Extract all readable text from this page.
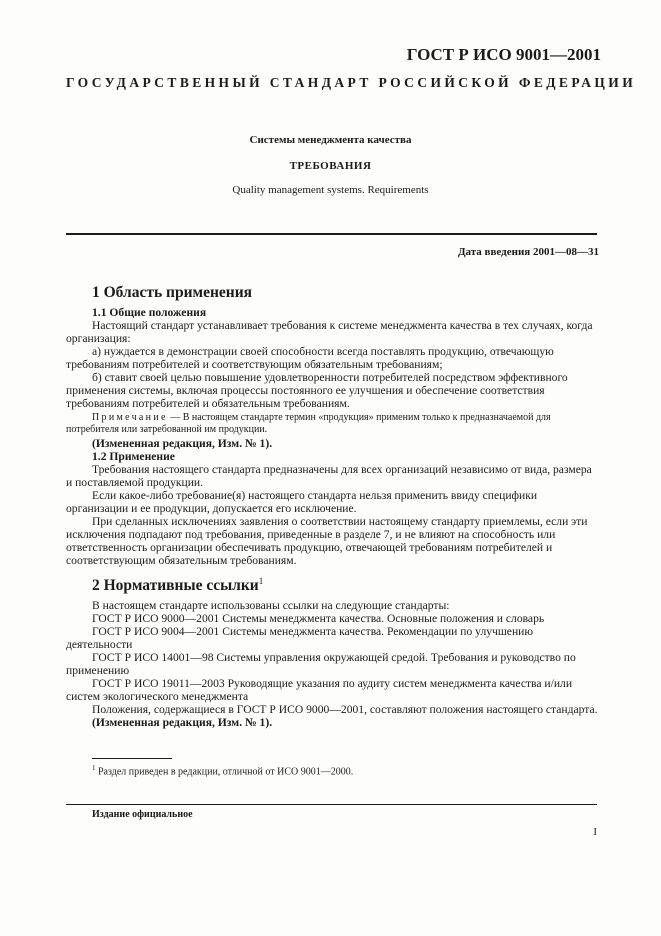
ГОСТ Р ИСО 9001—2001
ГОСУДАРСТВЕННЫЙ СТАНДАРТ РОССИЙСКОЙ ФЕДЕРАЦИИ
Системы менеджмента качества
ТРЕБОВАНИЯ
Quality management systems. Requirements
Дата введения 2001—08—31
1 Область применения
1.1 Общие положения
Настоящий стандарт устанавливает требования к системе менеджмента качества в тех случаях, когда организация:
а) нуждается в демонстрации своей способности всегда поставлять продукцию, отвечающую требованиям потребителей и соответствующим обязательным требованиям;
б) ставит своей целью повышение удовлетворенности потребителей посредством эффективного применения системы, включая процессы постоянного ее улучшения и обеспечение соответствия требованиям потребителей и обязательным требованиям.
Примечание — В настоящем стандарте термин «продукция» применим только к предназначаемой для потребителя или затребованной им продукции.
(Измененная редакция, Изм. № 1).
1.2 Применение
Требования настоящего стандарта предназначены для всех организаций независимо от вида, размера и поставляемой продукции.
Если какое-либо требование(я) настоящего стандарта нельзя применить ввиду специфики организации и ее продукции, допускается его исключение.
При сделанных исключениях заявления о соответствии настоящему стандарту приемлемы, если эти исключения подпадают под требования, приведенные в разделе 7, и не влияют на способность или ответственность организации обеспечивать продукцию, отвечающей требованиям потребителей и соответствующим обязательным требованиям.
2 Нормативные ссылки$^1$
В настоящем стандарте использованы ссылки на следующие стандарты:
ГОСТ Р ИСО 9000—2001 Системы менеджмента качества. Основные положения и словарь
ГОСТ Р ИСО 9004—2001 Системы менеджмента качества. Рекомендации по улучшению деятельности
ГОСТ Р ИСО 14001—98 Системы управления окружающей средой. Требования и руководство по применению
ГОСТ Р ИСО 19011—2003 Руководящие указания по аудиту систем менеджмента качества и/или систем экологического менеджмента
Положения, содержащиеся в ГОСТ Р ИСО 9000—2001, составляют положения настоящего стандарта.
(Измененная редакция, Изм. № 1).
$^1$ Раздел приведен в редакции, отличной от ИСО 9001—2000.
Издание официальное
I
